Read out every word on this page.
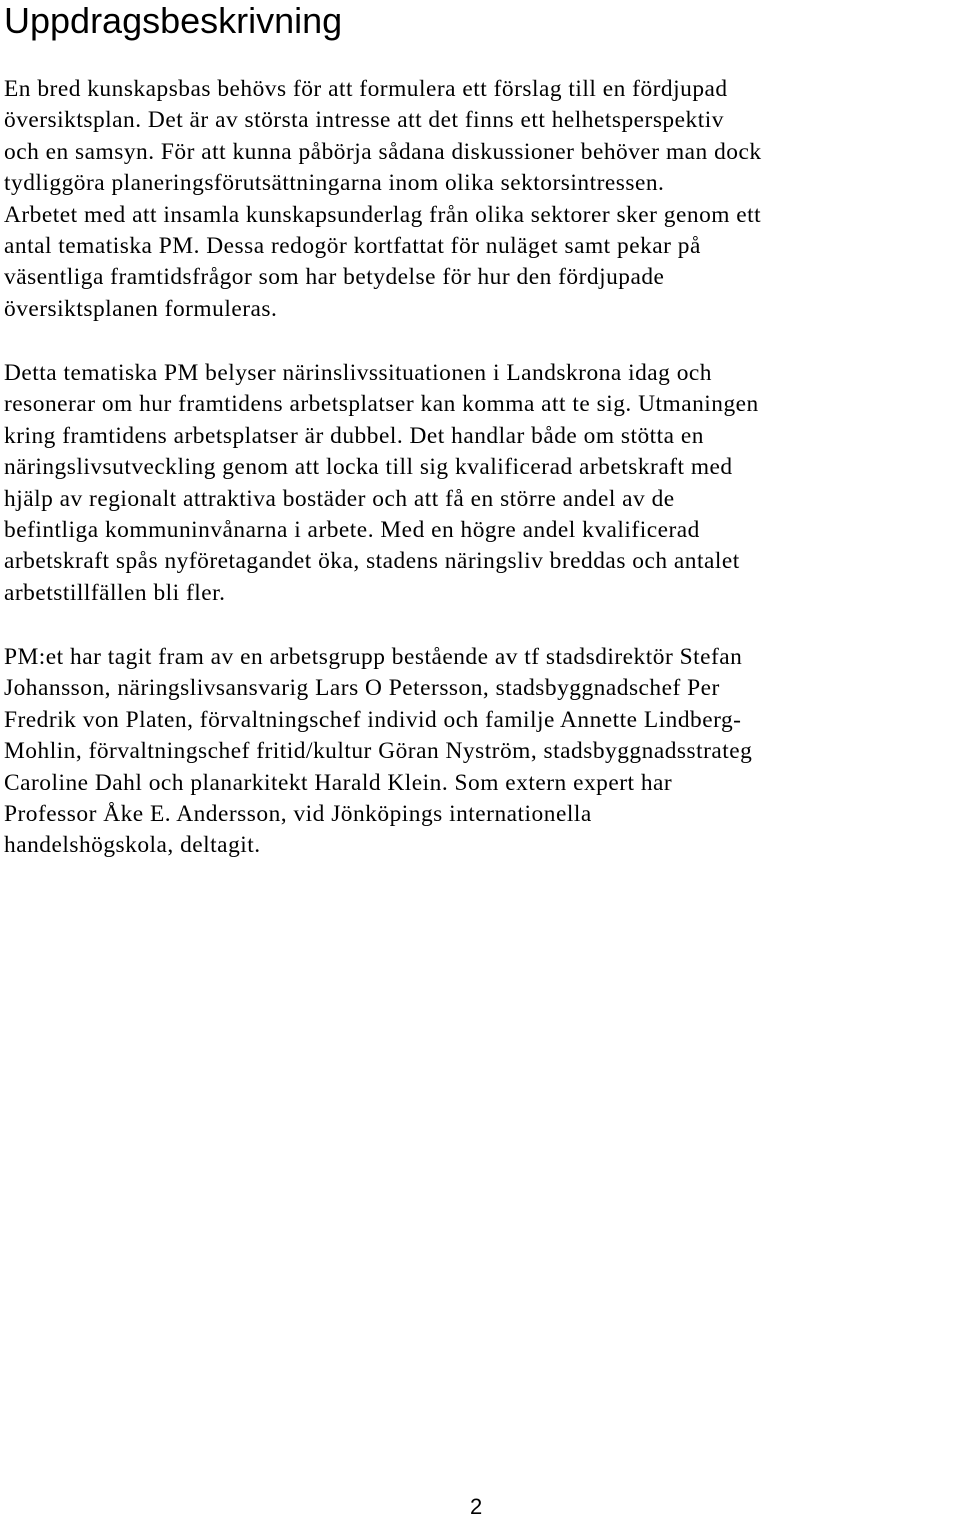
Uppdragsbeskrivning
En bred kunskapsbas behövs för att formulera ett förslag till en fördjupad
översiktsplan. Det är av största intresse att det finns ett helhetsperspektiv
och en samsyn. För att kunna påbörja sådana diskussioner behöver man dock
tydliggöra planeringsförutsättningarna inom olika sektorsintressen.
Arbetet med att insamla kunskapsunderlag från olika sektorer sker genom ett
antal tematiska PM. Dessa redogör kortfattat för nuläget samt pekar på
väsentliga framtidsfrågor som har betydelse för hur den fördjupade
översiktsplanen formuleras.
Detta tematiska PM belyser närinslivssituationen i Landskrona idag och
resonerar om hur framtidens arbetsplatser kan komma att te sig. Utmaningen
kring framtidens arbetsplatser är dubbel. Det handlar både om stötta en
näringslivsutveckling genom att locka till sig kvalificerad arbetskraft med
hjälp av regionalt attraktiva bostäder och att få en större andel av de
befintliga kommuninvånarna i arbete. Med en högre andel kvalificerad
arbetskraft spås nyföretagandet öka, stadens näringsliv breddas och antalet
arbetstillfällen bli fler.
PM:et har tagit fram av en arbetsgrupp bestående av tf stadsdirektör Stefan
Johansson, näringslivsansvarig Lars O Petersson, stadsbyggnadschef Per
Fredrik von Platen, förvaltningschef individ och familje Annette Lindberg-
Mohlin, förvaltningschef fritid/kultur Göran Nyström, stadsbyggnadsstrateg
Caroline Dahl och planarkitekt Harald Klein. Som extern expert har
Professor Åke E. Andersson, vid Jönköpings internationella
handelshögskola, deltagit.
2
